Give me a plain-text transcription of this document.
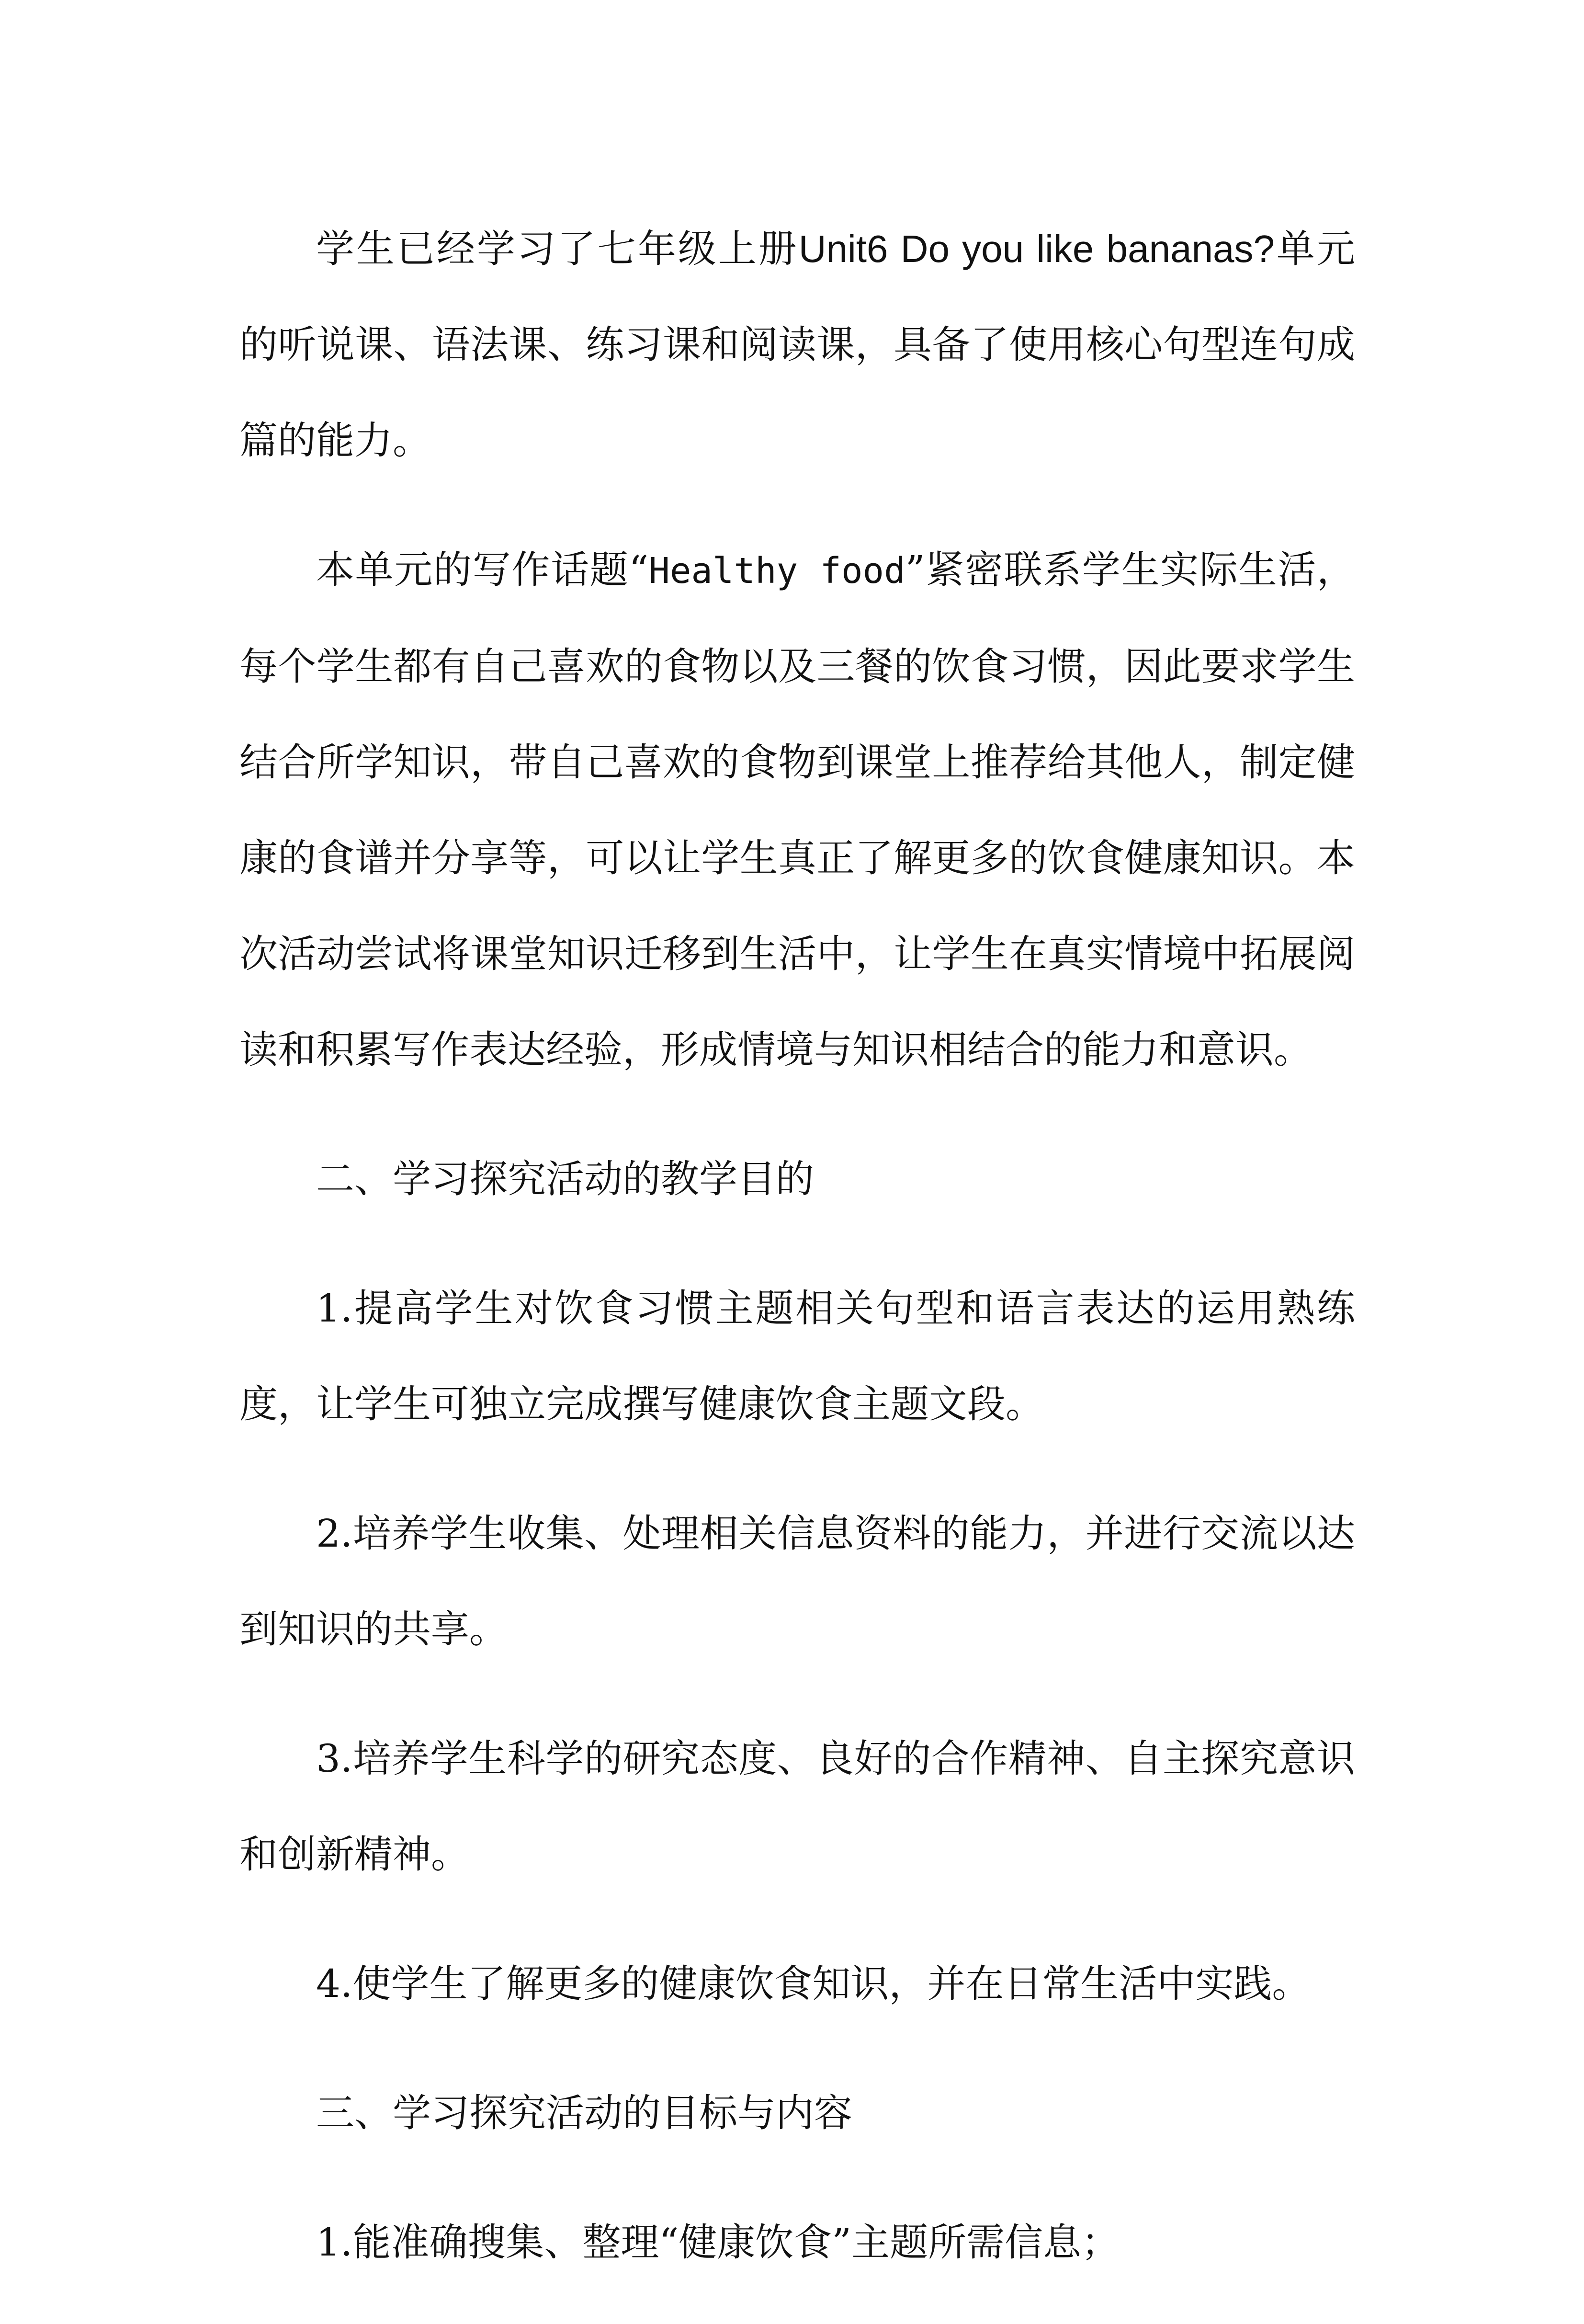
学生已经学习了七年级上册Unit6 Do you like bananas?单元的听说课、语法课、练习课和阅读课，具备了使用核心句型连句成篇的能力。

本单元的写作话题“Healthy food”紧密联系学生实际生活，每个学生都有自己喜欢的食物以及三餐的饮食习惯，因此要求学生结合所学知识，带自己喜欢的食物到课堂上推荐给其他人，制定健康的食谱并分享等，可以让学生真正了解更多的饮食健康知识。本次活动尝试将课堂知识迁移到生活中，让学生在真实情境中拓展阅读和积累写作表达经验，形成情境与知识相结合的能力和意识。

二、学习探究活动的教学目的

1.提高学生对饮食习惯主题相关句型和语言表达的运用熟练度，让学生可独立完成撰写健康饮食主题文段。

2.培养学生收集、处理相关信息资料的能力，并进行交流以达到知识的共享。

3.培养学生科学的研究态度、良好的合作精神、自主探究意识和创新精神。

4.使学生了解更多的健康饮食知识，并在日常生活中实践。

三、学习探究活动的目标与内容

1.能准确搜集、整理“健康饮食”主题所需信息；
